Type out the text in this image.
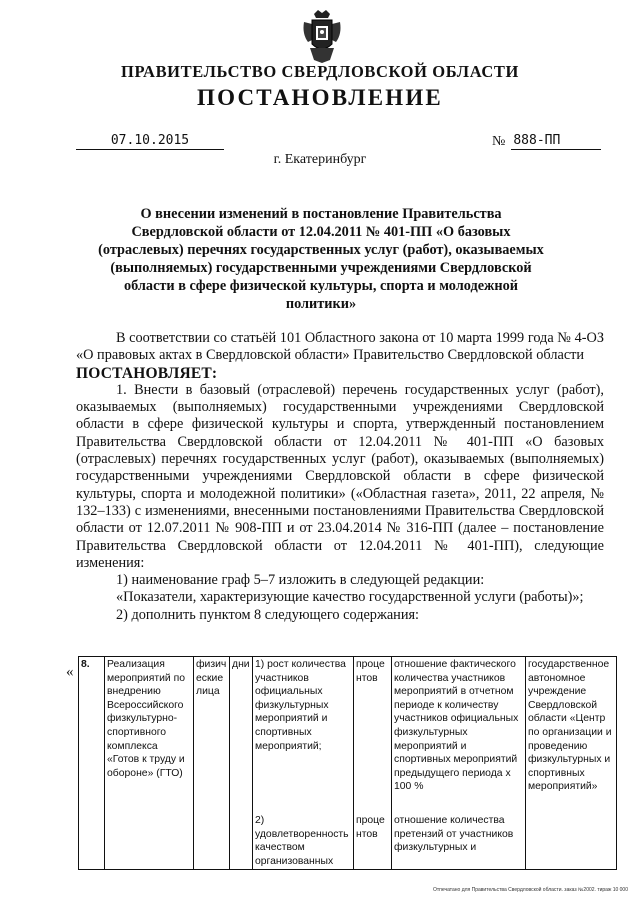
ПРАВИТЕЛЬСТВО СВЕРДЛОВСКОЙ ОБЛАСТИ
ПОСТАНОВЛЕНИЕ
07.10.2015	№ 888-ПП
г. Екатеринбург
О внесении изменений в постановление Правительства Свердловской области от 12.04.2011 № 401-ПП «О базовых (отраслевых) перечнях государственных услуг (работ), оказываемых (выполняемых) государственными учреждениями Свердловской области в сфере физической культуры, спорта и молодежной политики»

В соответствии со статьёй 101 Областного закона от 10 марта 1999 года № 4-ОЗ «О правовых актах в Свердловской области» Правительство Свердловской области

ПОСТАНОВЛЯЕТ:

1. Внести в базовый (отраслевой) перечень государственных услуг (работ), оказываемых (выполняемых) государственными учреждениями Свердловской области в сфере физической культуры и спорта, утвержденный постановлением Правительства Свердловской области от 12.04.2011 № 401-ПП «О базовых (отраслевых) перечнях государственных услуг (работ), оказываемых (выполняемых) государственными учреждениями Свердловской области в сфере физической культуры, спорта и молодежной политики» («Областная газета», 2011, 22 апреля, № 132–133) с изменениями, внесенными постановлениями Правительства Свердловской области от 12.07.2011 № 908-ПП и от 23.04.2014 № 316-ПП (далее – постановление Правительства Свердловской области от 12.04.2011 № 401-ПП), следующие изменения:

1) наименование граф 5–7 изложить в следующей редакции:

«Показатели, характеризующие качество государственной услуги (работы)»;

2) дополнить пунктом 8 следующего содержания:

« 8.	Реализация мероприятий по внедрению Всероссийского физкультурно-спортивного комплекса «Готов к труду и обороне» (ГТО)	физические лица	дни	1) рост количества участников официальных физкультурных мероприятий и спортивных мероприятий;	процентов	отношение фактического количества участников мероприятий в отчетном периоде к количеству участников официальных физкультурных мероприятий и спортивных мероприятий предыдущего периода х 100 %	государственное автономное учреждение Свердловской области «Центр по организации и проведению физкультурных и спортивных мероприятий»
				2) удовлетворенность качеством организованных	процентов	отношение количества претензий от участников физкультурных и	
Отпечатано для Правительства Свердловской области. заказ №2002. тираж 10 000
